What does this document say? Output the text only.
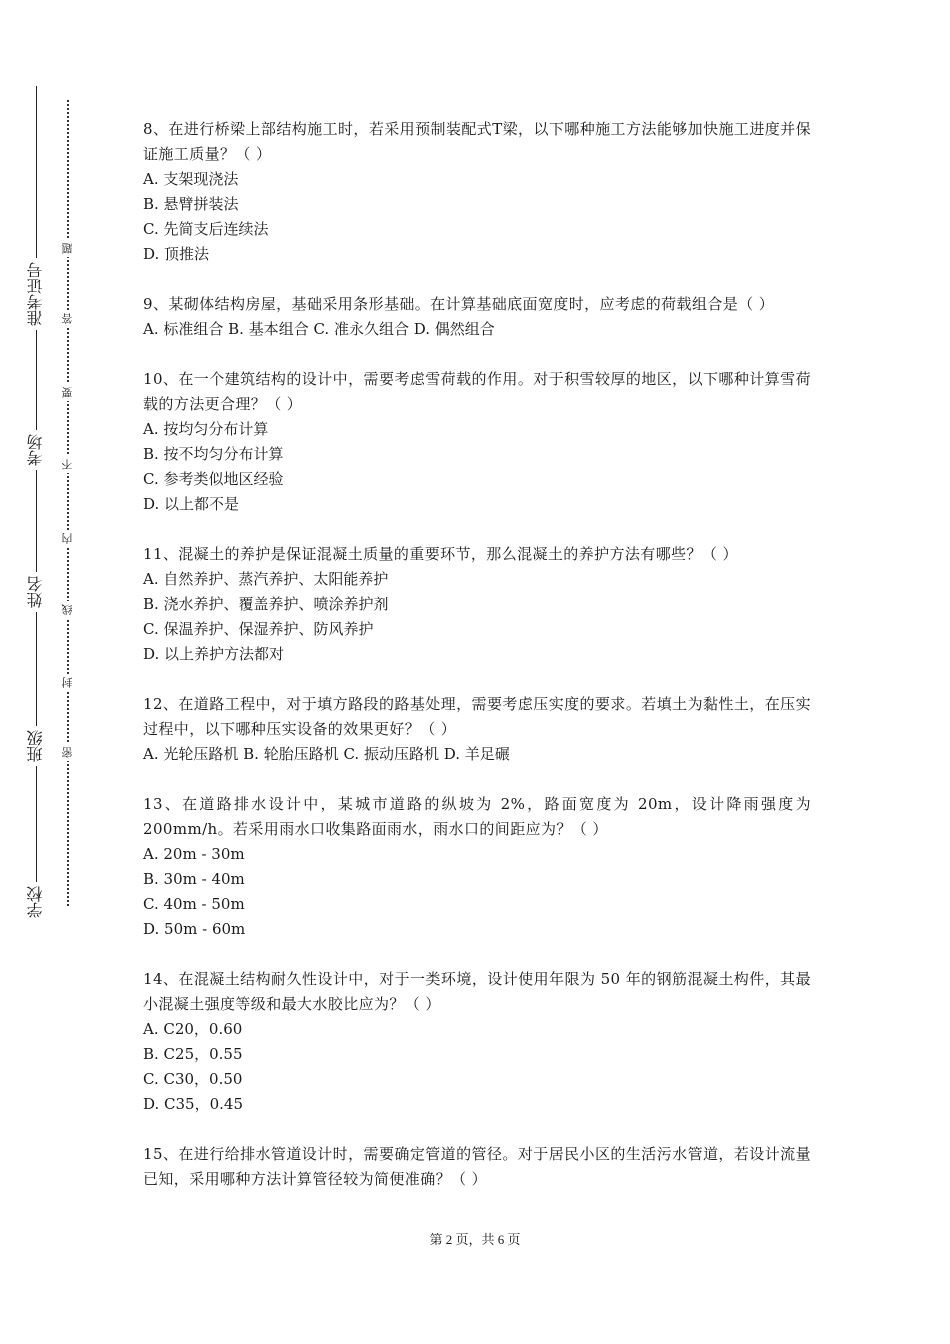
准考证号
考场
姓名
班级
学校
题
答
要
不
内
线
封
密

8、在进行桥梁上部结构施工时，若采用预制装配式T梁，以下哪种施工方法能够加快施工进度并保证施工质量？（ ）

A. 支架现浇法

B. 悬臂拼装法

C. 先简支后连续法

D. 顶推法

9、某砌体结构房屋，基础采用条形基础。在计算基础底面宽度时，应考虑的荷载组合是（ ）

A. 标准组合 B. 基本组合 C. 准永久组合 D. 偶然组合

10、在一个建筑结构的设计中，需要考虑雪荷载的作用。对于积雪较厚的地区，以下哪种计算雪荷载的方法更合理？（ ）

A. 按均匀分布计算

B. 按不均匀分布计算

C. 参考类似地区经验

D. 以上都不是

11、混凝土的养护是保证混凝土质量的重要环节，那么混凝土的养护方法有哪些？（ ）

A. 自然养护、蒸汽养护、太阳能养护

B. 浇水养护、覆盖养护、喷涂养护剂

C. 保温养护、保湿养护、防风养护

D. 以上养护方法都对

12、在道路工程中，对于填方路段的路基处理，需要考虑压实度的要求。若填土为黏性土，在压实过程中，以下哪种压实设备的效果更好？（ ）

A. 光轮压路机 B. 轮胎压路机 C. 振动压路机 D. 羊足碾

13、在道路排水设计中，某城市道路的纵坡为 2%，路面宽度为 20m，设计降雨强度为200mm/h。若采用雨水口收集路面雨水，雨水口的间距应为？（ ）

A. 20m - 30m

B. 30m - 40m

C. 40m - 50m

D. 50m - 60m

14、在混凝土结构耐久性设计中，对于一类环境，设计使用年限为 50 年的钢筋混凝土构件，其最小混凝土强度等级和最大水胶比应为？（ ）

A. C20，0.60

B. C25，0.55

C. C30，0.50

D. C35，0.45

15、在进行给排水管道设计时，需要确定管道的管径。对于居民小区的生活污水管道，若设计流量已知，采用哪种方法计算管径较为简便准确？（ ）

第 2 页，共 6 页
